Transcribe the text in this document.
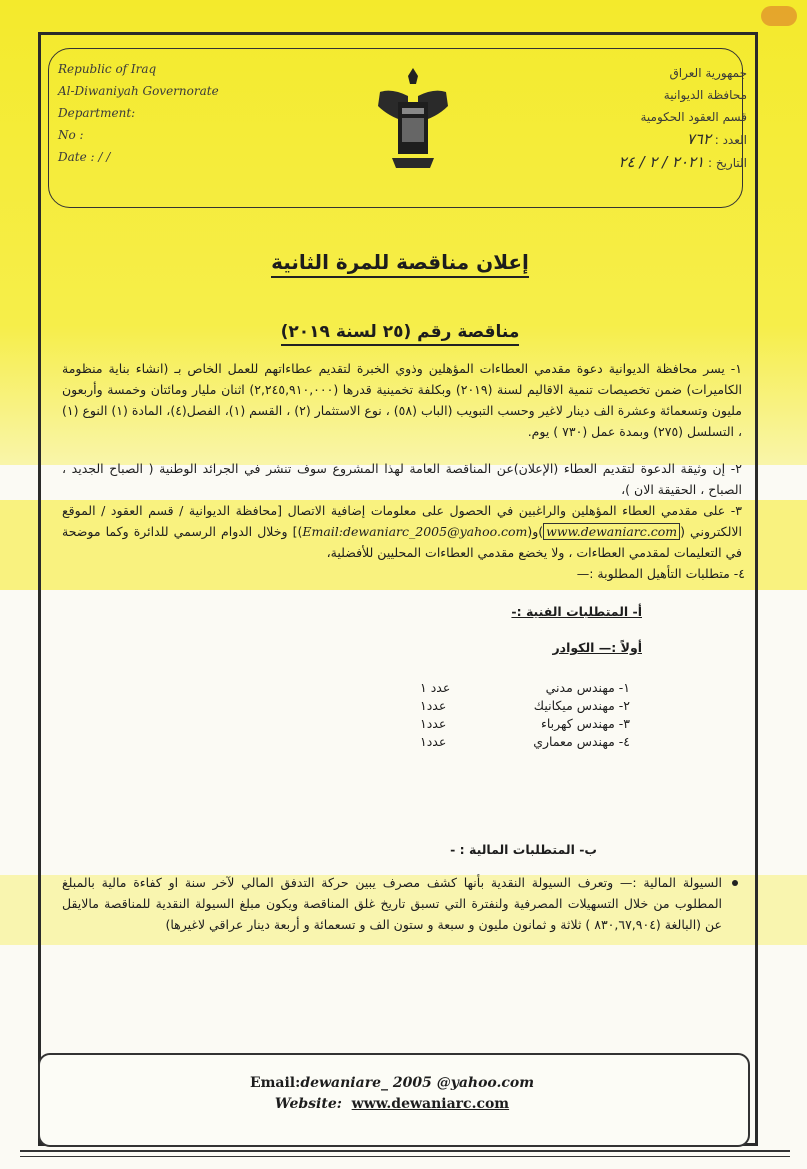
Republic of Iraq
Al-Diwaniyah Governorate
Department:
No :
Date : / /
جمهورية العراق
محافظة الديوانية
قسم العقود الحكومية
العدد : ٧٦٢
التاريخ : ٢٠٢١ / ٢ / ٢٤
إعلان مناقصة للمرة الثانية
مناقصة رقم (٢٥ لسنة ٢٠١٩)
١- يسر محافظة الديوانية دعوة مقدمي العطاءات المؤهلين وذوي الخبرة لتقديم عطاءاتهم للعمل الخاص بـ (انشاء بناية منظومة الكاميرات) ضمن تخصيصات تنمية الاقاليم لسنة (٢٠١٩) وبكلفة تخمينية قدرها (٢,٢٤٥,٩١٠,٠٠٠) اثنان مليار ومائتان وخمسة وأربعون مليون وتسعمائة وعشرة الف دينار لاغير وحسب التبويب (الباب (٥٨) ، نوع الاستثمار (٢) ، القسم (١)، الفصل(٤)، المادة (١) النوع (١) ، التسلسل (٢٧٥) وبمدة عمل (٧٣٠ ) يوم.
٢- إن وثيقة الدعوة لتقديم العطاء (الإعلان)عن المناقصة العامة لهذا المشروع سوف تنشر في الجرائد الوطنية ( الصباح الجديد ، الصباح ، الحقيقة الان )،
٣- على مقدمي العطاء المؤهلين والراغبين في الحصول على معلومات إضافية الاتصال [محافظة الديوانية / قسم العقود / الموقع الالكتروني (www.dewaniarc.com)و(Email:dewaniarc_2005@yahoo.com)] وخلال الدوام الرسمي للدائرة وكما موضحة في التعليمات لمقدمي العطاءات ، ولا يخضع مقدمي العطاءات المحليين للأفضلية،
٤- متطلبات التأهيل المطلوبة :—
أ- المتطلبات الفنية :-
أولاً :— الكوادر
١- مهندس مدني
عدد ١
٢- مهندس ميكانيك
عدد١
٣- مهندس كهرباء
عدد١
٤- مهندس معماري
عدد١
ب- المتطلبات المالية : -
السيولة المالية :— وتعرف السيولة النقدية بأنها كشف مصرف يبين حركة التدفق المالي لآخر سنة او كفاءة مالية بالمبلغ المطلوب من خلال التسهيلات المصرفية ولنفترة التي تسبق تاريخ غلق المناقصة ويكون مبلغ السيولة النقدية للمناقصة مالايقل عن (البالغة (٨٣٠,٦٧,٩٠٤ ) ثلاثة و ثمانون مليون و سبعة و ستون الف و تسعمائة و أربعة دينار عراقي لاغيرها)
Email:dewaniare_ 2005 @yahoo.com
Website: www.dewaniarc.com
